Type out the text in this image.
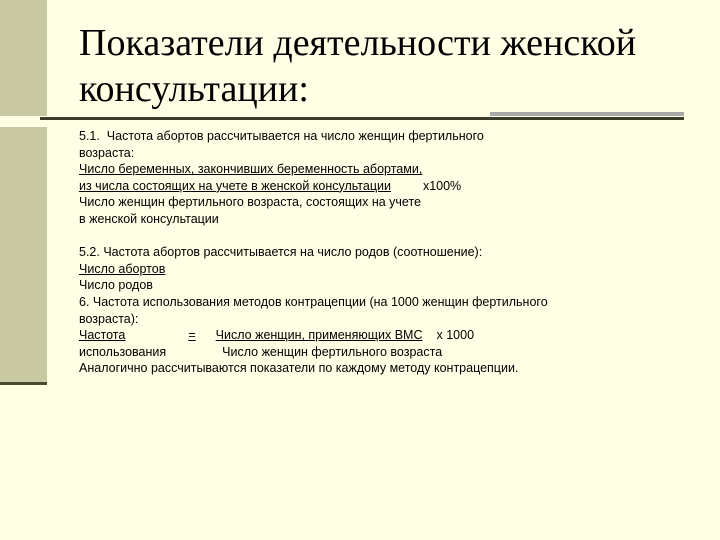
Показатели деятельности женской консультации:
5.1.  Частота абортов рассчитывается на число женщин фертильного
возраста:
Число беременных, закончивших беременность абортами,
из числа состоящих на учете в женской консультации	х100%
Число женщин фертильного возраста, состоящих на учете
в женской консультации
5.2. Частота абортов рассчитывается на число родов (соотношение):
Число абортов
Число родов
6. Частота использования методов контрацепции (на 1000 женщин фертильного
возраста):
Частота	= Число женщин, применяющих ВМС х 1000
использования	Число женщин фертильного возраста
Аналогично рассчитываются показатели по каждому методу контрацепции.
